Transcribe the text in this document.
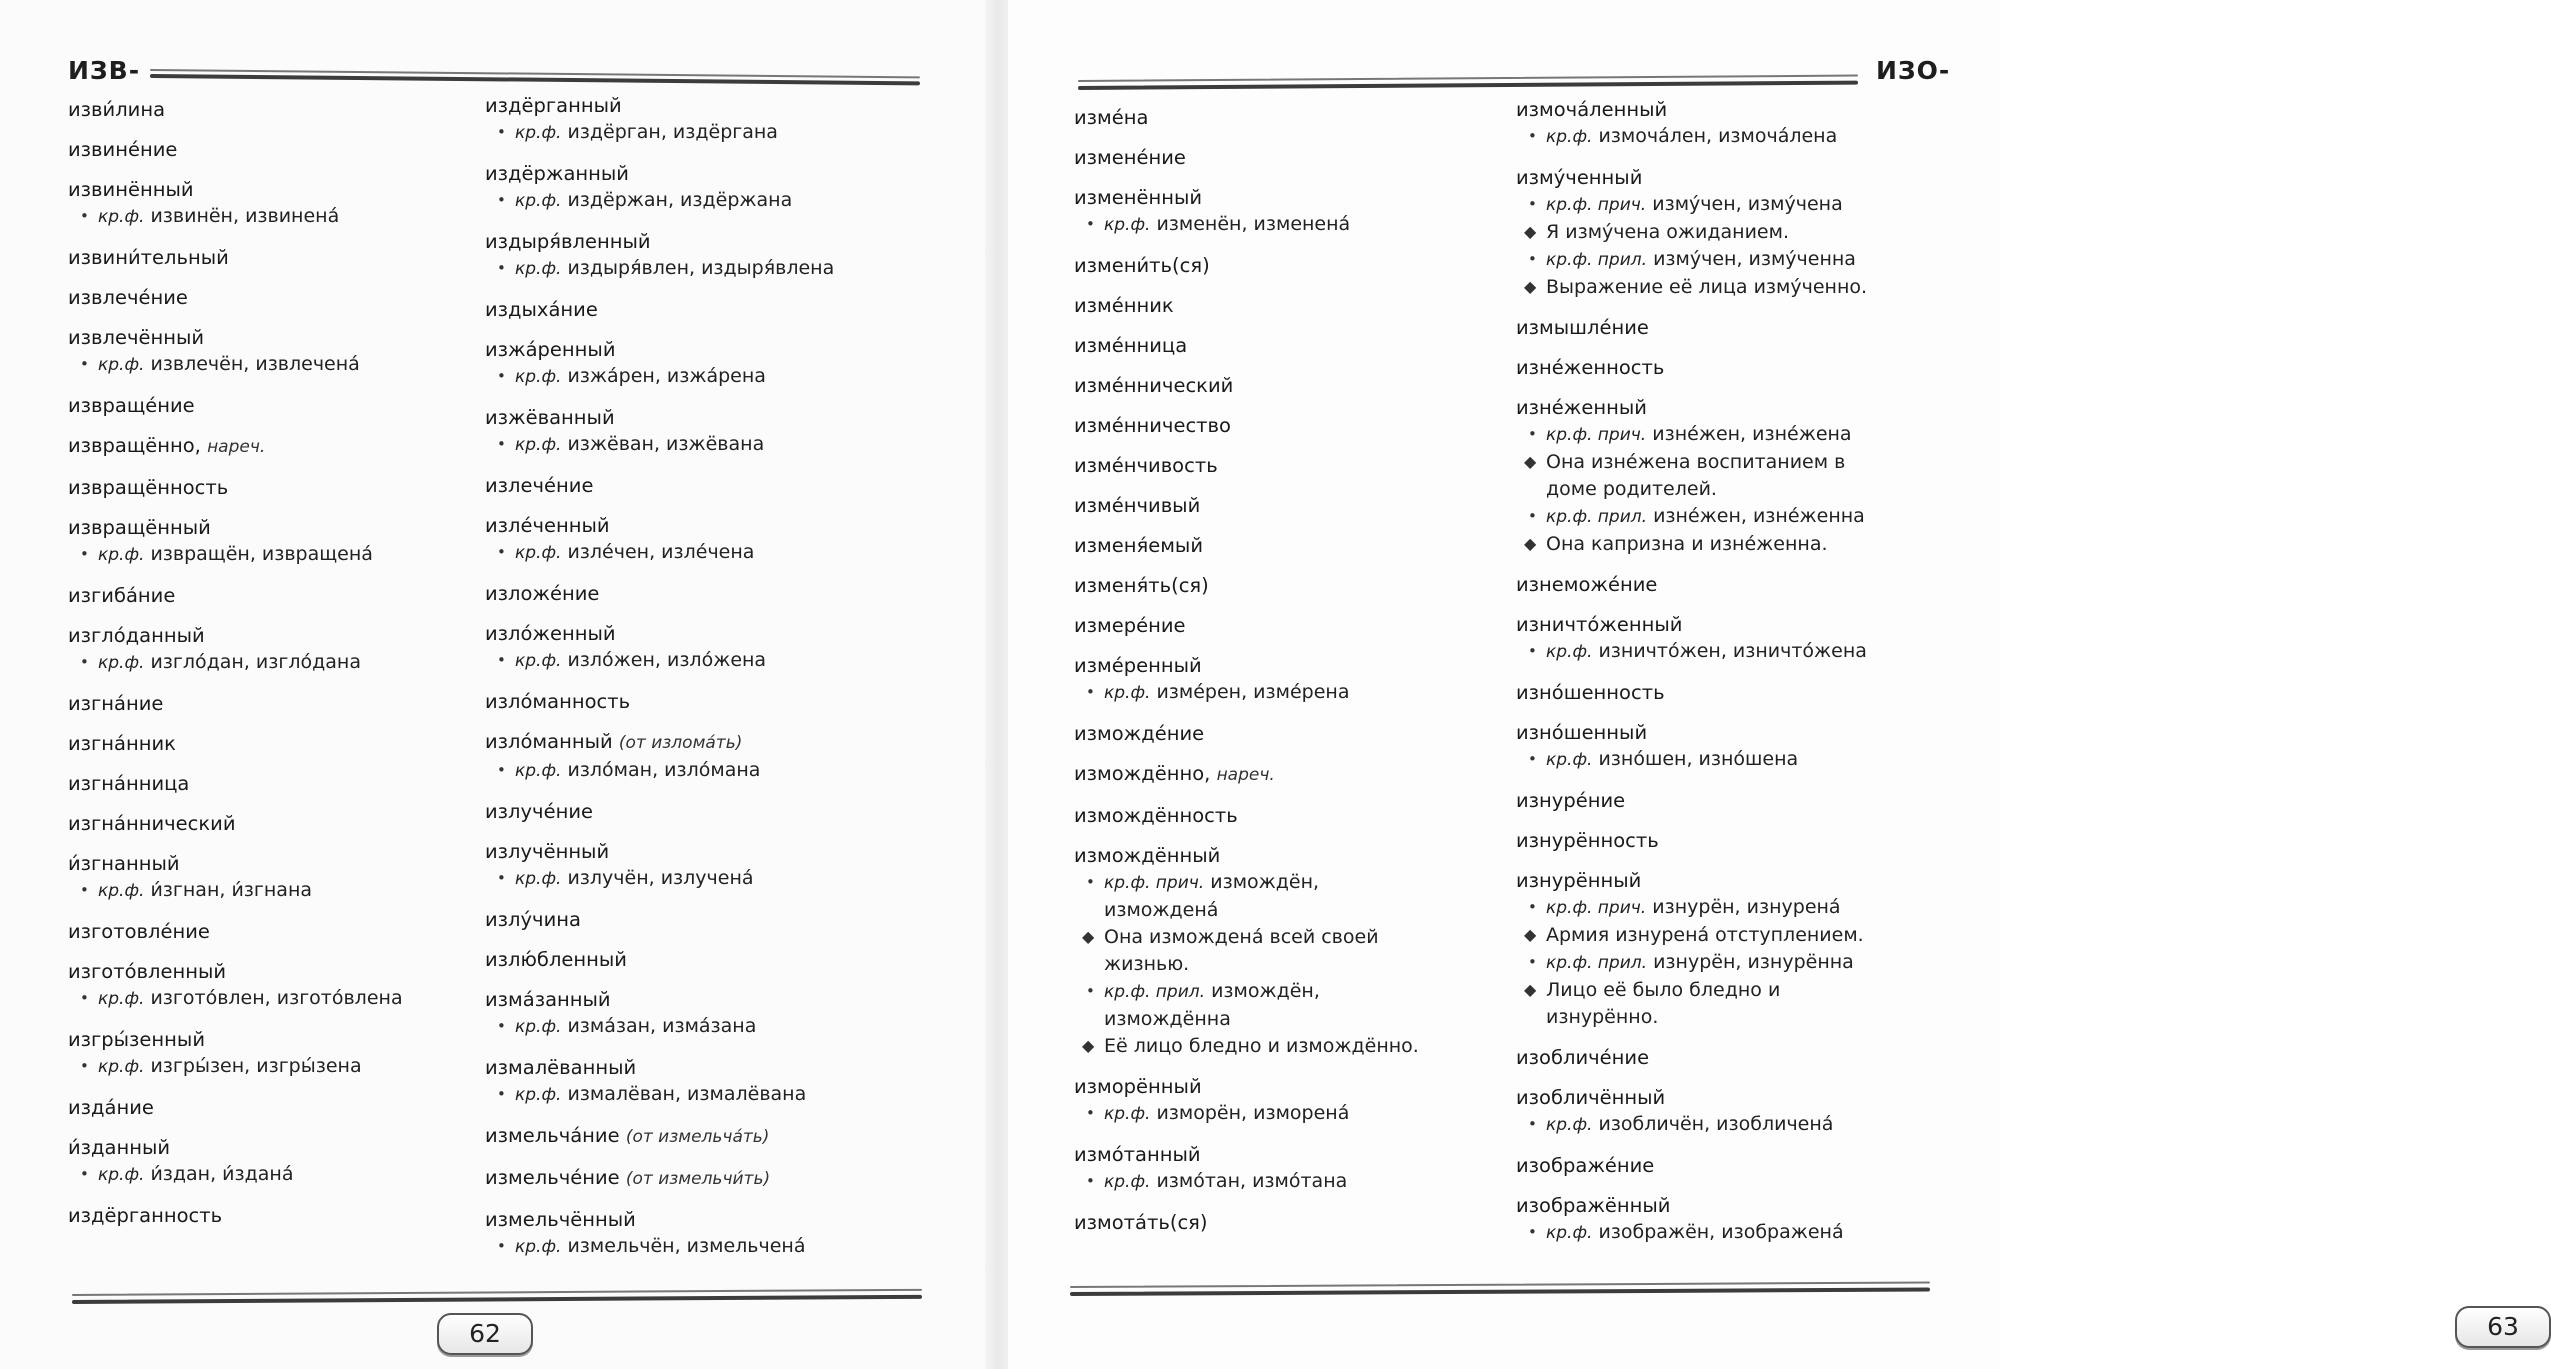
ИЗВ-
изви́лина
извине́ние
извинённый
• кр.ф. извинён, извинена́
извини́тельный
извлече́ние
извлечённый
• кр.ф. извлечён, извлечена́
извраще́ние
извращённо, нареч.
извращённость
извращённый
• кр.ф. извращён, извращена́
изгиба́ние
изгло́данный
• кр.ф. изгло́дан, изгло́дана
изгна́ние
изгна́нник
изгна́нница
изгна́ннический
и́згнанный
• кр.ф. и́згнан, и́згнана
изготовле́ние
изгото́вленный
• кр.ф. изгото́влен, изгото́влена
изгры́зенный
• кр.ф. изгры́зен, изгры́зена
изда́ние
и́зданный
• кр.ф. и́здан, и́здана́
издёрганность
издёрганный
• кр.ф. издёрган, издёргана
издёржанный
• кр.ф. издёржан, издёржана
издыря́вленный
• кр.ф. издыря́влен, издыря́влена
издыха́ние
изжа́ренный
• кр.ф. изжа́рен, изжа́рена
изжёванный
• кр.ф. изжёван, изжёвана
излече́ние
изле́ченный
• кр.ф. изле́чен, изле́чена
изложе́ние
изло́женный
• кр.ф. изло́жен, изло́жена
изло́манность
изло́манный (от излома́ть)
• кр.ф. изло́ман, изло́мана
излуче́ние
излучённый
• кр.ф. излучён, излучена́
излу́чина
излю́бленный
изма́занный
• кр.ф. изма́зан, изма́зана
измалёванный
• кр.ф. измалёван, измалёвана
измельча́ние (от измельча́ть)
измельче́ние (от измельчи́ть)
измельчённый
• кр.ф. измельчён, измельчена́
62	63
ИЗО-
изме́на
измене́ние
изменённый
• кр.ф. изменён, изменена́
измени́ть(ся)
изме́нник
изме́нница
изме́ннический
изме́нничество
изме́нчивость
изме́нчивый
изменя́емый
изменя́ть(ся)
измере́ние
изме́ренный
• кр.ф. изме́рен, изме́рена
изможде́ние
измождённо, нареч.
измождённость
измождённый
• кр.ф. прич. измождён,
измождена́
◆ Она измождена́ всей своей
жизнью.
• кр.ф. прил. измождён,
измождённа
◆ Её лицо бледно и измождённо.
изморённый
• кр.ф. изморён, изморена́
измо́танный
• кр.ф. измо́тан, измо́тана
измота́ть(ся)
измоча́ленный
• кр.ф. измоча́лен, измоча́лена
изму́ченный
• кр.ф. прич. изму́чен, изму́чена
◆ Я изму́чена ожиданием.
• кр.ф. прил. изму́чен, изму́ченна
◆ Выражение её лица изму́ченно.
измышле́ние
изне́женность
изне́женный
• кр.ф. прич. изне́жен, изне́жена
◆ Она изне́жена воспитанием в
доме родителей.
• кр.ф. прил. изне́жен, изне́женна
◆ Она капризна и изне́женна.
изнеможе́ние
изничто́женный
• кр.ф. изничто́жен, изничто́жена
изно́шенность
изно́шенный
• кр.ф. изно́шен, изно́шена
изнуре́ние
изнурённость
изнурённый
• кр.ф. прич. изнурён, изнурена́
◆ Армия изнурена́ отступлением.
• кр.ф. прил. изнурён, изнурённа
◆ Лицо её было бледно и
изнурённо.
изобличе́ние
изобличённый
• кр.ф. изобличён, изобличена́
изображе́ние
изображённый
• кр.ф. изображён, изображена́
